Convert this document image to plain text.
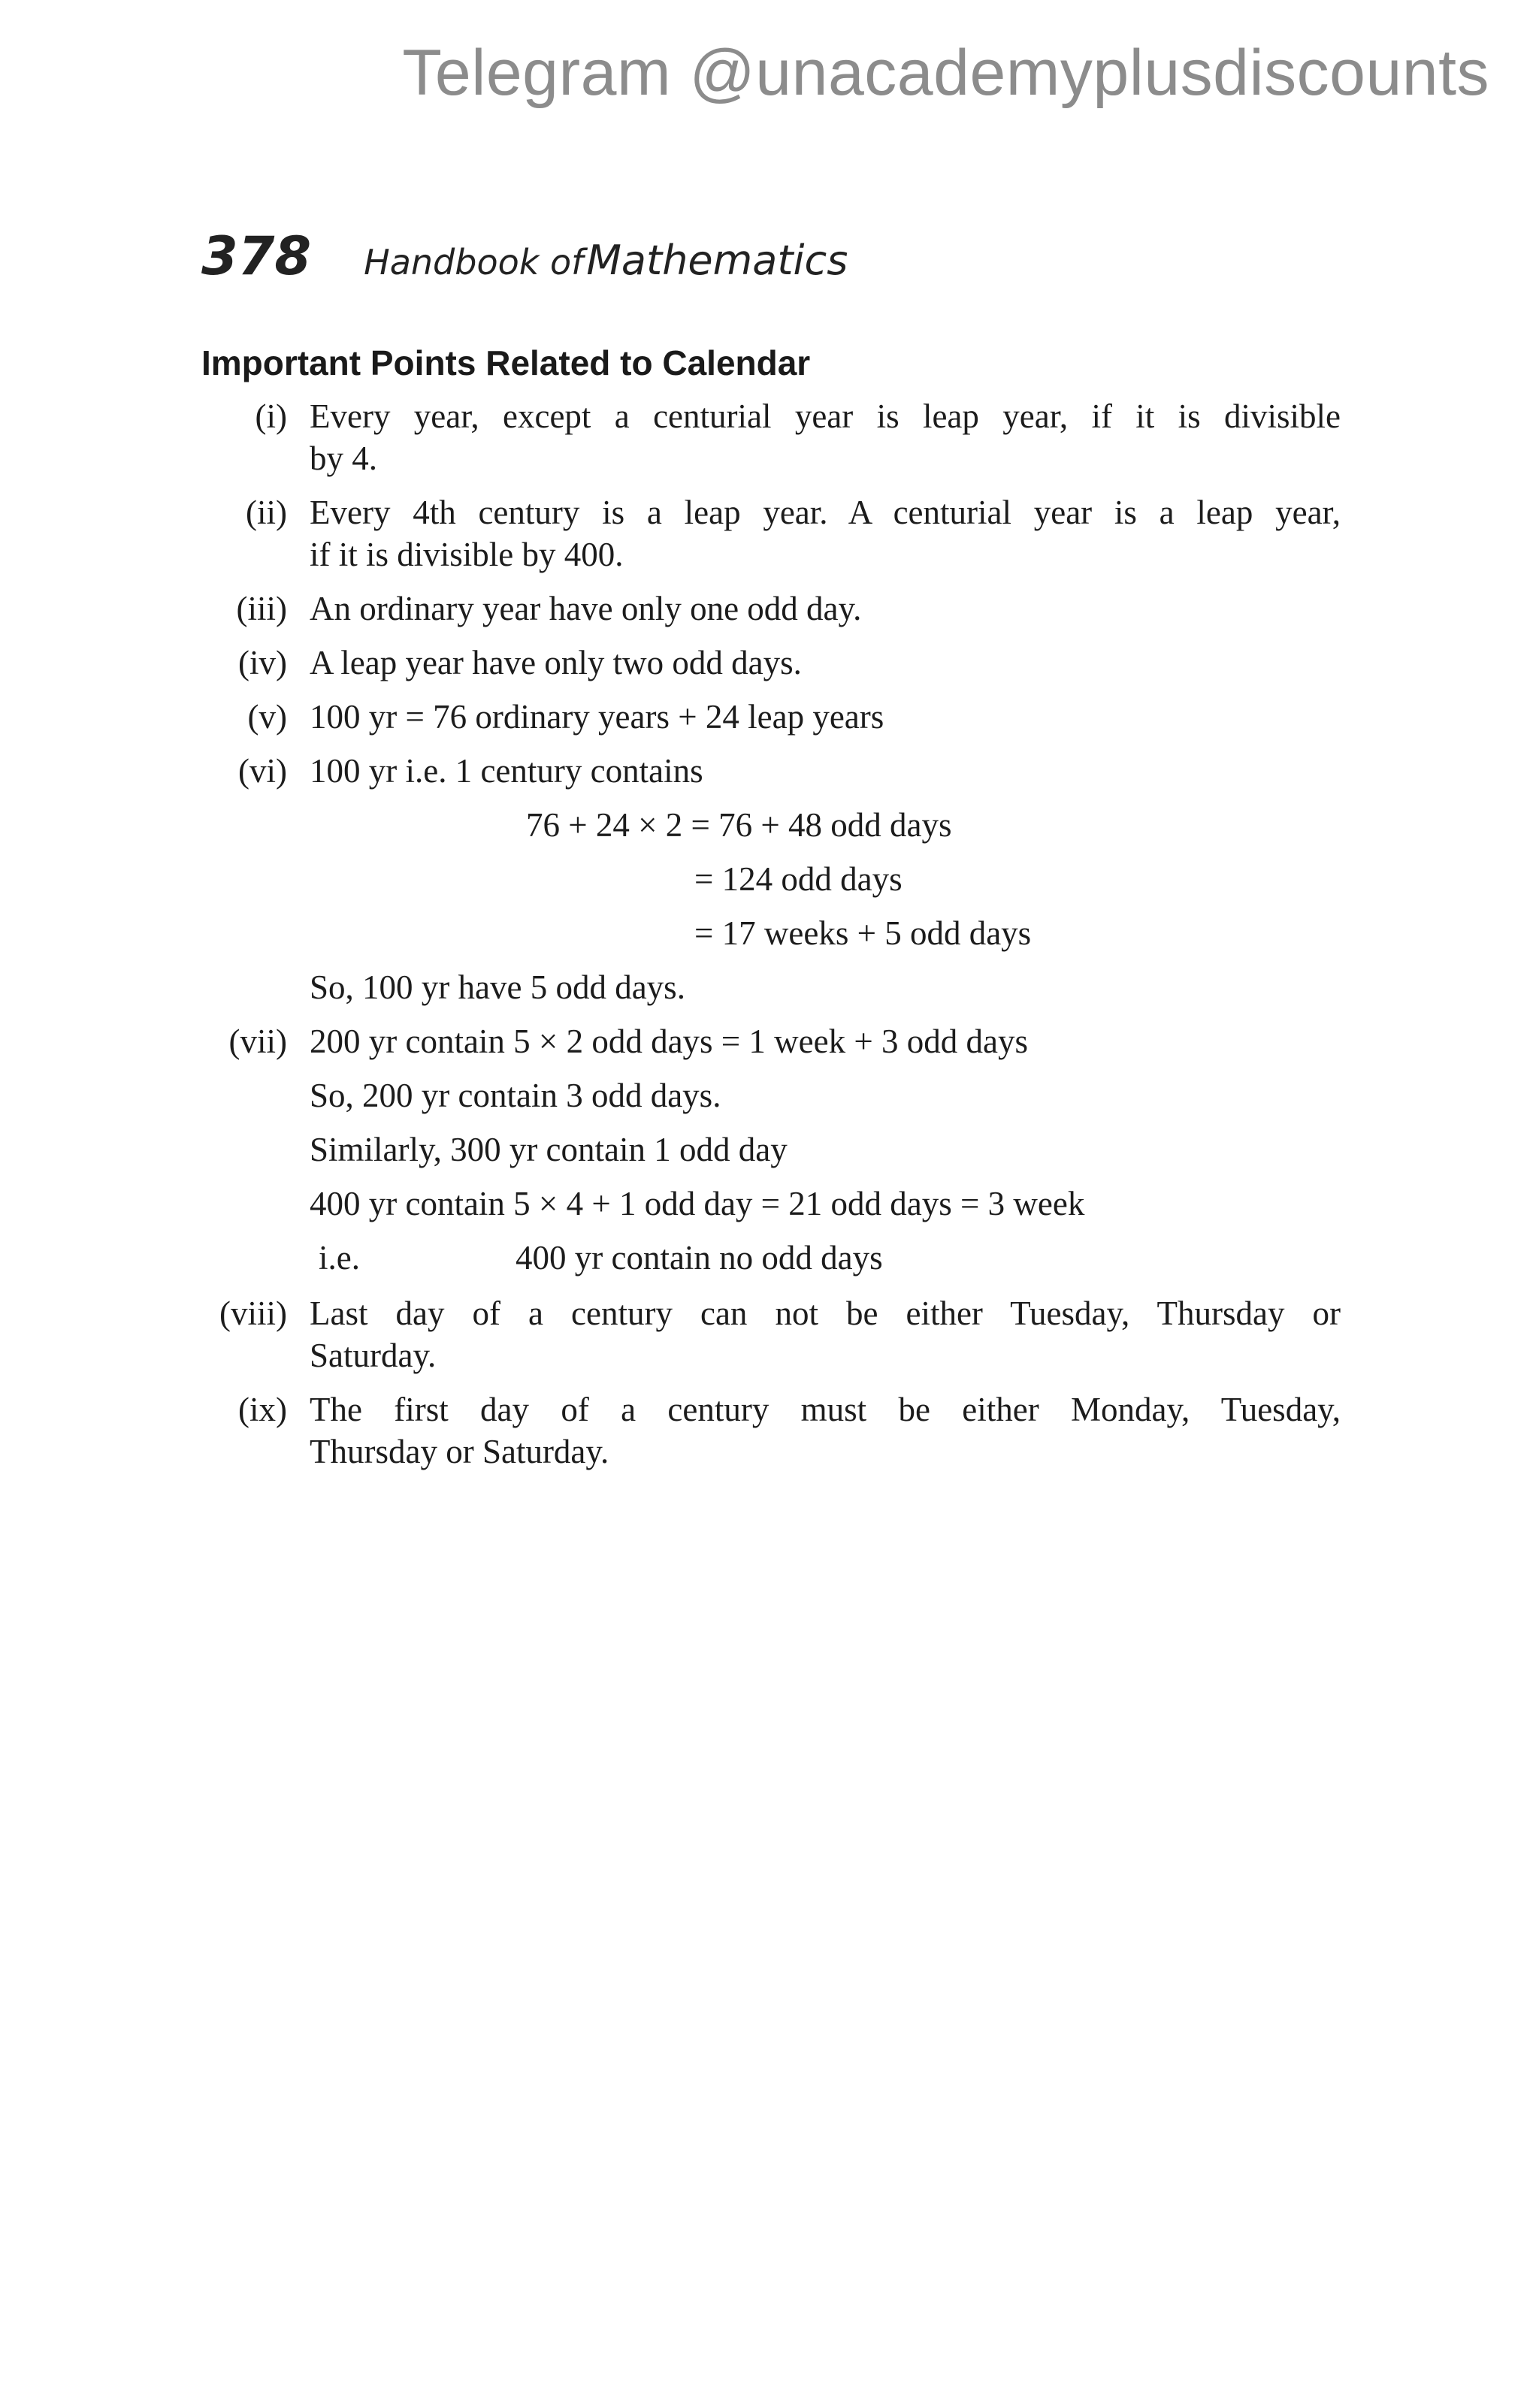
Telegram @unacademyplusdiscounts
378 Handbook of Mathematics
Important Points Related to Calendar
(i) Every year, except a centurial year is leap year, if it is divisible
by 4.
(ii) Every 4th century is a leap year. A centurial year is a leap year,
if it is divisible by 400.
(iii) An ordinary year have only one odd day.
(iv) A leap year have only two odd days.
(v) 100 yr = 76 ordinary years + 24 leap years
(vi) 100 yr i.e. 1 century contains
76 + 24 × 2 = 76 + 48 odd days
= 124 odd days
= 17 weeks + 5 odd days
So, 100 yr have 5 odd days.
(vii) 200 yr contain 5 × 2 odd days = 1 week + 3 odd days
So, 200 yr contain 3 odd days.
Similarly, 300 yr contain 1 odd day
400 yr contain 5 × 4 + 1 odd day = 21 odd days = 3 week
i.e.	400 yr contain no odd days
(viii) Last day of a century can not be either Tuesday, Thursday or
Saturday.
(ix) The first day of a century must be either Monday, Tuesday,
Thursday or Saturday.
